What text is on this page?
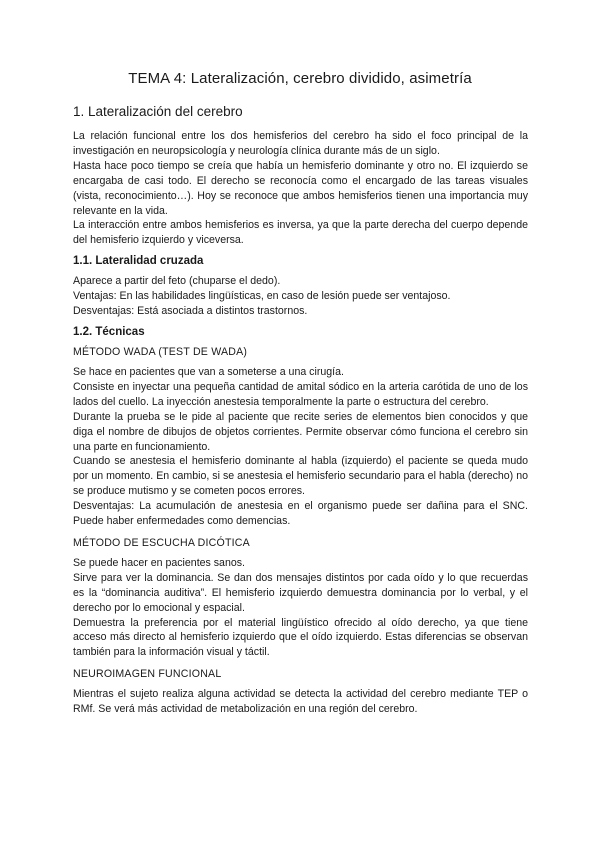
TEMA 4: Lateralización, cerebro dividido, asimetría
1. Lateralización del cerebro

La relación funcional entre los dos hemisferios del cerebro ha sido el foco principal de la investigación en neuropsicología y neurología clínica durante más de un siglo.

Hasta hace poco tiempo se creía que había un hemisferio dominante y otro no. El izquierdo se encargaba de casi todo. El derecho se reconocía como el encargado de las tareas visuales (vista, reconocimiento…). Hoy se reconoce que ambos hemisferios tienen una importancia muy relevante en la vida.

La interacción entre ambos hemisferios es inversa, ya que la parte derecha del cuerpo depende del hemisferio izquierdo y viceversa.

1.1. Lateralidad cruzada

Aparece a partir del feto (chuparse el dedo).

Ventajas: En las habilidades lingüísticas, en caso de lesión puede ser ventajoso.

Desventajas: Está asociada a distintos trastornos.

1.2. Técnicas
MÉTODO WADA (TEST DE WADA)

Se hace en pacientes que van a someterse a una cirugía.

Consiste en inyectar una pequeña cantidad de amital sódico en la arteria carótida de uno de los lados del cuello. La inyección anestesia temporalmente la parte o estructura del cerebro.

Durante la prueba se le pide al paciente que recite series de elementos bien conocidos y que diga el nombre de dibujos de objetos corrientes. Permite observar cómo funciona el cerebro sin una parte en funcionamiento.

Cuando se anestesia el hemisferio dominante al habla (izquierdo) el paciente se queda mudo por un momento. En cambio, si se anestesia el hemisferio secundario para el habla (derecho) no se produce mutismo y se cometen pocos errores.

Desventajas: La acumulación de anestesia en el organismo puede ser dañina para el SNC. Puede haber enfermedades como demencias.

MÉTODO DE ESCUCHA DICÓTICA

Se puede hacer en pacientes sanos.

Sirve para ver la dominancia. Se dan dos mensajes distintos por cada oído y lo que recuerdas es la “dominancia auditiva”. El hemisferio izquierdo demuestra dominancia por lo verbal, y el derecho por lo emocional y espacial.

Demuestra la preferencia por el material lingüístico ofrecido al oído derecho, ya que tiene acceso más directo al hemisferio izquierdo que el oído izquierdo. Estas diferencias se observan también para la información visual y táctil.

NEUROIMAGEN FUNCIONAL

Mientras el sujeto realiza alguna actividad se detecta la actividad del cerebro mediante TEP o RMf. Se verá más actividad de metabolización en una región del cerebro.
